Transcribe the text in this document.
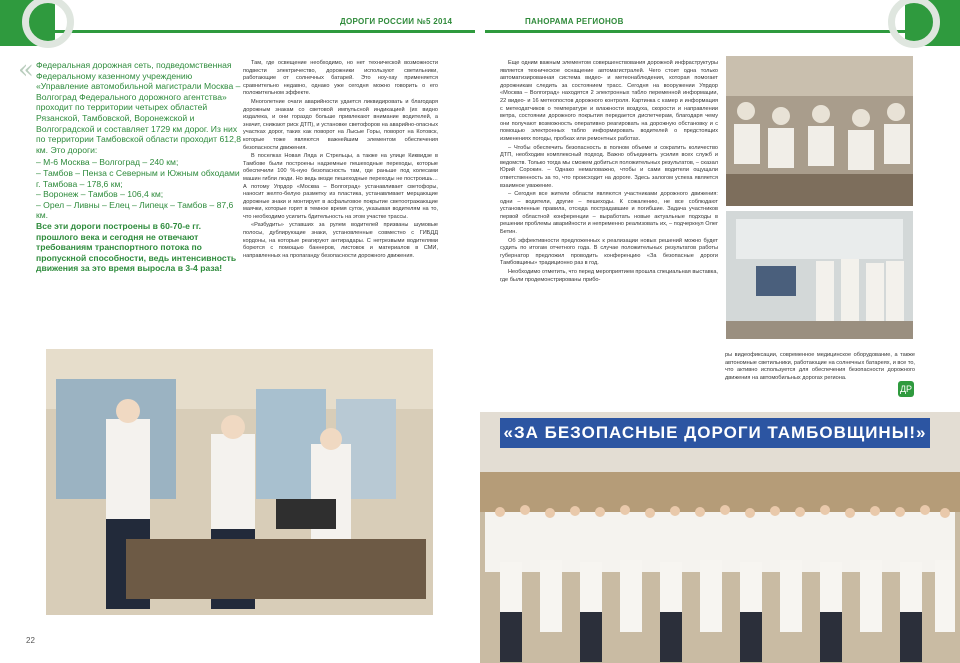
ДОРОГИ РОССИИ №5 2014	ПАНОРАМА РЕГИОНОВ
« Федеральная дорожная сеть, подведомственная Федеральному казенному учреждению «Управление автомобильной магистрали Москва – Волгоград Федерального дорожного агентства» проходит по территории четырех областей Рязанской, Тамбовской, Воронежской и Волгоградской и составляет 1729 км дорог. Из них по территории Тамбовской области проходит 612,8 км. Это дороги:

– М-6 Москва – Волгоград – 240 км;
– Тамбов – Пенза с Северным и Южным обходами г. Тамбова – 178,6 км;
– Воронеж – Тамбов – 106,4 км;
– Орел – Ливны – Елец – Липецк – Тамбов – 87,6 км.

Все эти дороги построены в 60-70-е гг. прошлого века и сегодня не отвечают требованиям транспортного потока по пропускной способности, ведь интенсивность движения за это время выросла в 3-4 раза!

Там, где освещение необходимо, но нет технической возможности подвести электричество, дорожники используют светильники, работающие от солнечных батарей. Это ноу-хау применяется сравнительно недавно, однако уже сегодня можно говорить о его положительном эффекте.

Многолетние очаги аварийности удается ликвидировать и благодаря дорожным знакам со световой импульсной индикацией (их видно издалека, и они гораздо больше привлекают внимание водителей, а значит, снижают риск ДТП), и установке светофоров на аварийно-опасных участках дорог, таких как поворот на Лысые Горы, поворот на Котовск, которые тоже являются важнейшим элементом обеспечения безопасности движения.

В поселках Новая Ляда и Стрельцы, а также на улице Киквидзе в Тамбове были построены надземные пешеходные переходы, которые обеспечили 100 %-ную безопасность там, где раньше под колесами машин гибли люди. Но ведь везде пешеходные переходы не построишь… А потому Упрдор «Москва – Волгоград» устанавливает светофоры, наносит желто-белую разметку из пластика, устанавливает мерцающие дорожные знаки и монтирует в асфальтовое покрытие светоотражающие маячки, которые горят в темное время суток, указывая водителям на то, что необходимо усилить бдительность на этом участке трассы.

«Разбудить» уставших за рулем водителей призваны шумовые полосы, дублирующие знаки, установленные совместно с ГИБДД кордоны, на которые реагируют антирадары. С нетрезвыми водителями борются с помощью баннеров, листовок и материалов в СМИ, направленных на пропаганду безопасности дорожного движения.

Еще одним важным элементом совершенствования дорожной инфраструктуры является техническое оснащение автомагистралей. Чего стоит одна только автоматизированная система видео- и метеонаблюдения, которая помогает дорожникам следить за состоянием трасс. Сегодня на вооружении Упрдор «Москва – Волгоград» находятся 2 электронных табло переменной информации, 22 видео- и 16 метеопостов дорожного контроля. Картинка с камер и информация с метеодатчиков о температуре и влажности воздуха, скорости и направлении ветра, состоянии дорожного покрытия передается диспетчерам, благодаря чему они получают возможность оперативно реагировать на дорожную обстановку и с помощью электронных табло информировать водителей о предстоящих изменениях погоды, пробках или ремонтных работах.

– Чтобы обеспечить безопасность в полном объеме и сократить количество ДТП, необходим комплексный подход. Важно объединить усилия всех служб и ведомств. Только тогда мы сможем добиться положительных результатов, – сказал Юрий Сорокин. – Однако немаловажно, чтобы и сами водители ощущали ответственность за то, что происходит на дороге. Здесь залогом успеха является взаимное уважение.

– Сегодня все жители области являются участниками дорожного движения: одни – водители, другие – пешеходы. К сожалению, не все соблюдают установленные правила, отсюда пострадавшие и погибшие. Задача участников первой областной конференции – выработать новые актуальные подходы в решении проблемы аварийности и непременно реализовать их, – подчеркнул Олег Бетин.

Об эффективности предложенных к реализации новых решений можно будет судить по итогам отчетного года. В случае положительных результатов работы губернатор предложил проводить конференцию «За безопасные дороги Тамбовщины» традиционно раз в год.

Необходимо отметить, что перед мероприятием прошла специальная выставка, где были продемонстрированы прибо-

ры видеофиксации, современное медицинское оборудование, а также автономные светильники, работающие на солнечных батареях, и все то, что активно используется для обеспечения безопасности дорожного движения на автомобильных дорогах региона.

ДР
«ЗА БЕЗОПАСНЫЕ ДОРОГИ ТАМБОВЩИНЫ!»
22
